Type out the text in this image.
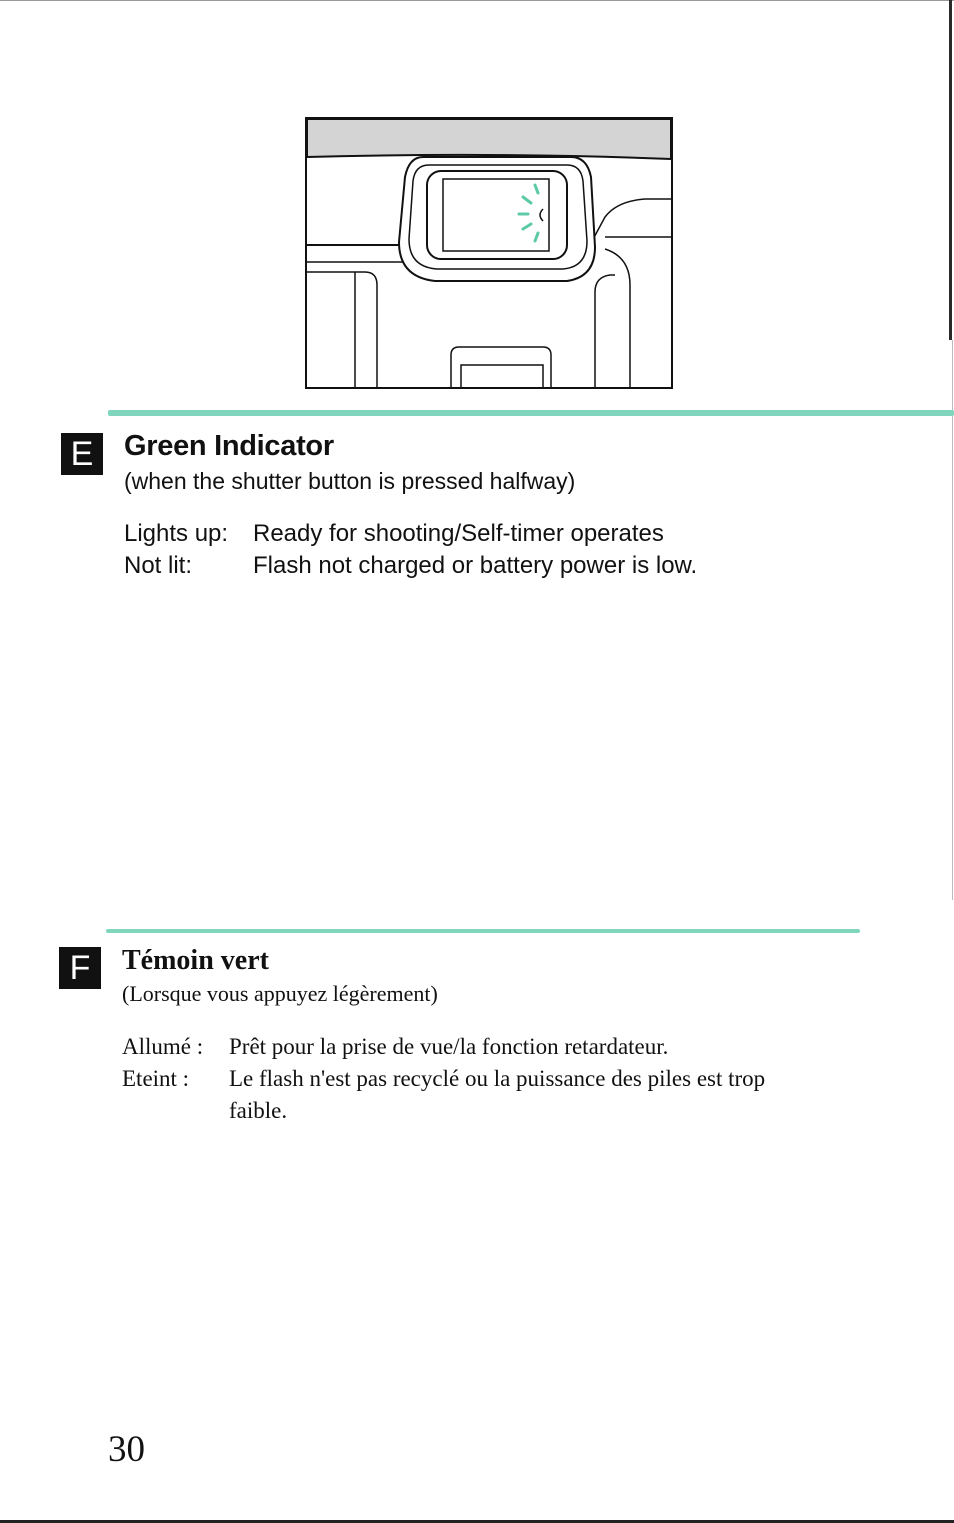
E	Green Indicator
(when the shutter button is pressed halfway)
Lights up:	Ready for shooting/Self-timer operates
Not lit:	Flash not charged or battery power is low.
F	Témoin vert
(Lorsque vous appuyez légèrement)
Allumé :	Prêt pour la prise de vue/la fonction retardateur.
Eteint :	Le flash n'est pas recyclé ou la puissance des piles est trop faible.
30
